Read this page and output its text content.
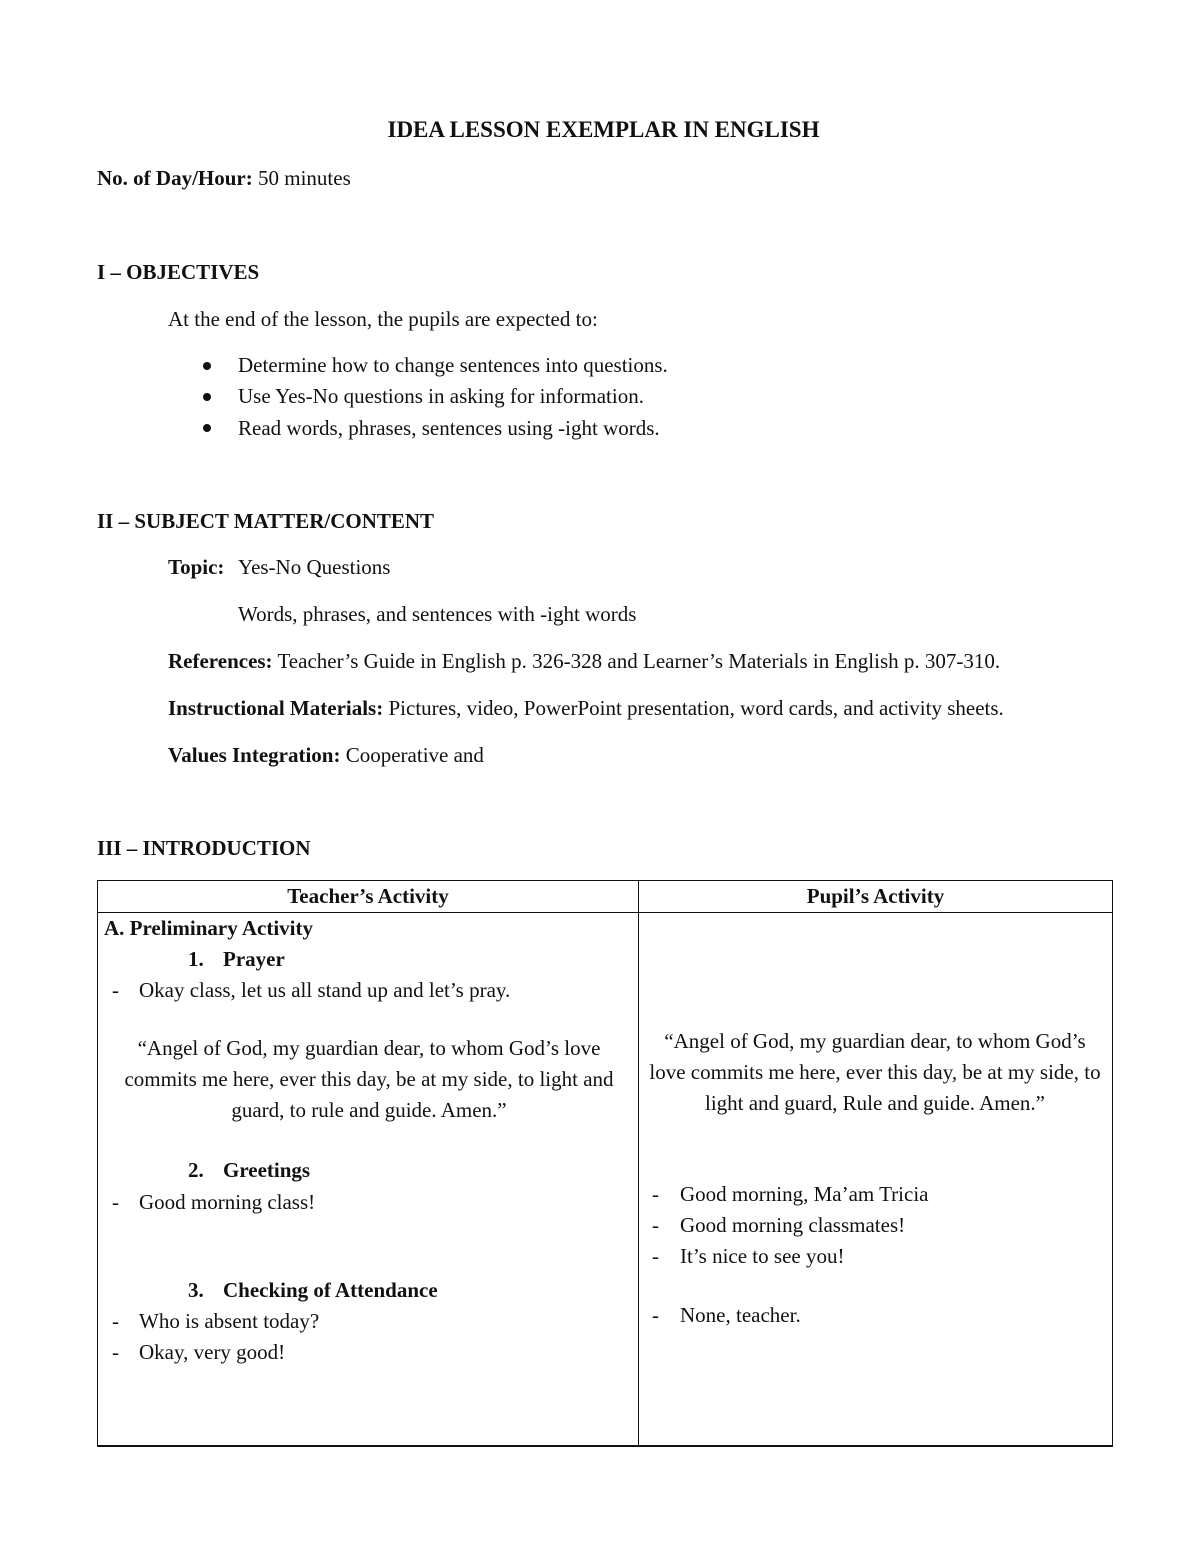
IDEA LESSON EXEMPLAR IN ENGLISH
No. of Day/Hour: 50 minutes
I – OBJECTIVES
At the end of the lesson, the pupils are expected to:
Determine how to change sentences into questions.
Use Yes-No questions in asking for information.
Read words, phrases, sentences using -ight words.
II – SUBJECT MATTER/CONTENT
Topic: Yes-No Questions
Words, phrases, and sentences with -ight words
References: Teacher’s Guide in English p. 326-328 and Learner’s Materials in English p. 307-310.
Instructional Materials: Pictures, video, PowerPoint presentation, word cards, and activity sheets.
Values Integration: Cooperative and
III – INTRODUCTION
Teacher’s Activity	Pupil’s Activity
A. Preliminary Activity
1. Prayer
- Okay class, let us all stand up and let’s pray.
“Angel of God, my guardian dear, to whom God’s love commits me here, ever this day, be at my side, to light and guard, to rule and guide. Amen.”
2. Greetings
- Good morning class!
3. Checking of Attendance
- Who is absent today?
- Okay, very good!
“Angel of God, my guardian dear, to whom God’s love commits me here, ever this day, be at my side, to light and guard, Rule and guide. Amen.”
- Good morning, Ma’am Tricia
- Good morning classmates!
- It’s nice to see you!
- None, teacher.
